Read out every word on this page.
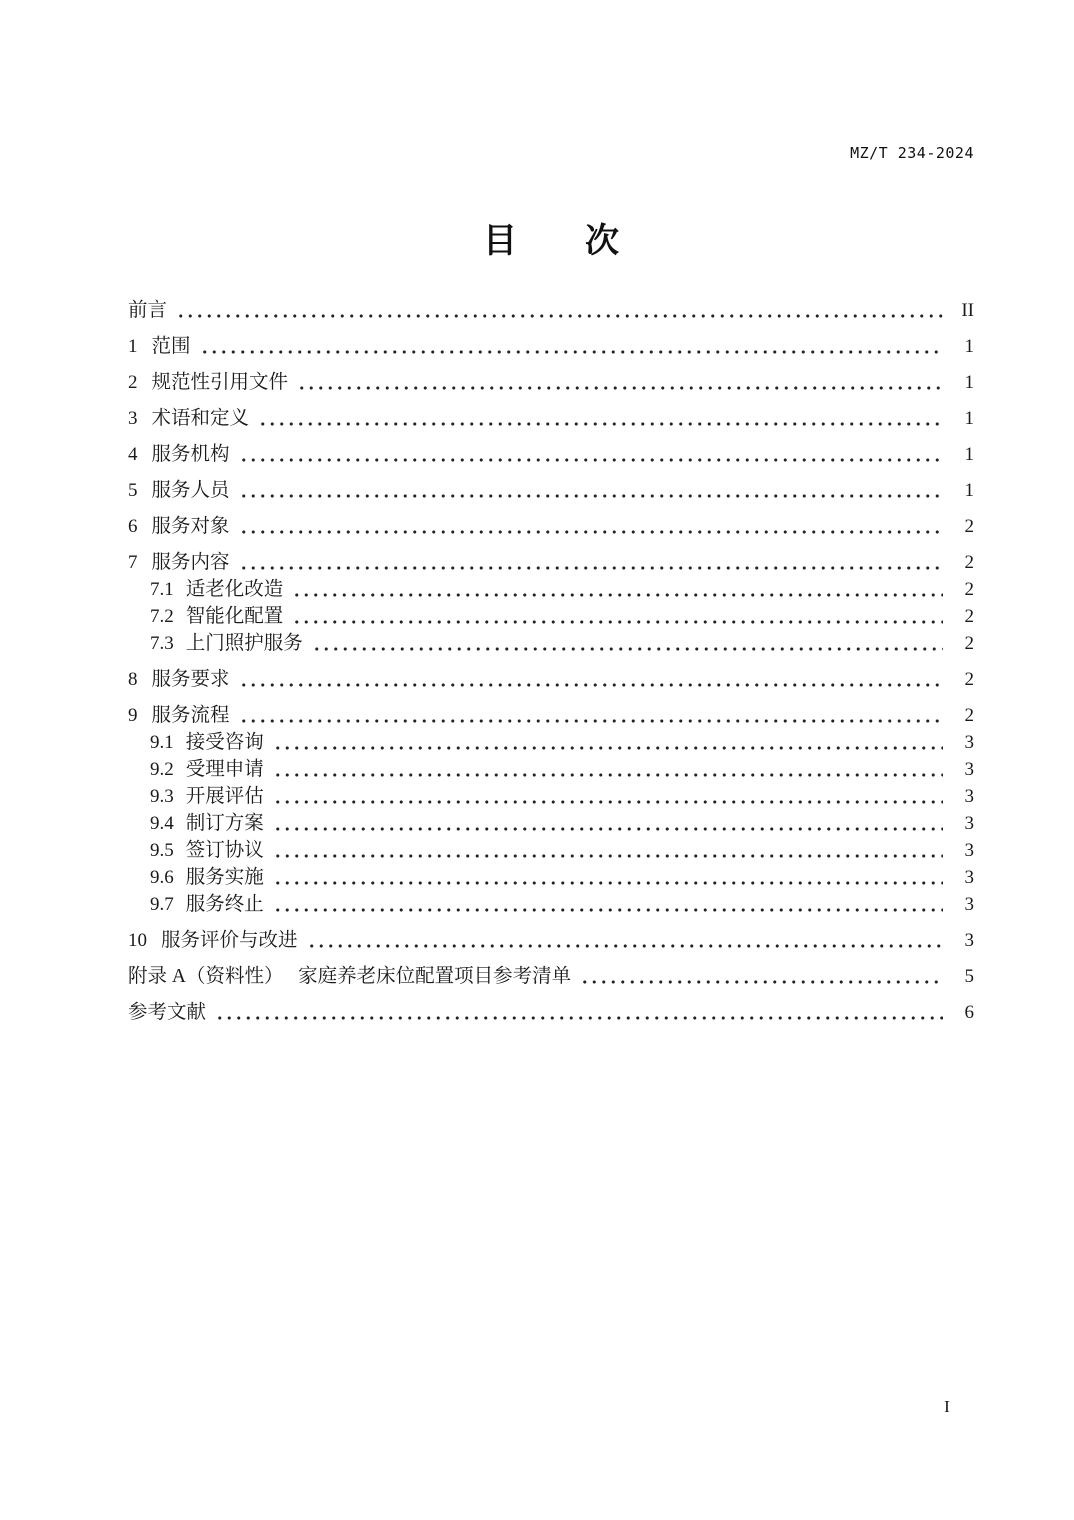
MZ/T 234-2024
目　　次
前言	II
1 范围	1
2 规范性引用文件	1
3 术语和定义	1
4 服务机构	1
5 服务人员	1
6 服务对象	2
7 服务内容	2
7.1 适老化改造	2
7.2 智能化配置	2
7.3 上门照护服务	2
8 服务要求	2
9 服务流程	2
9.1 接受咨询	3
9.2 受理申请	3
9.3 开展评估	3
9.4 制订方案	3
9.5 签订协议	3
9.6 服务实施	3
9.7 服务终止	3
10 服务评价与改进	3
附录 A（资料性）　 家庭养老床位配置项目参考清单	5
参考文献	6
I
